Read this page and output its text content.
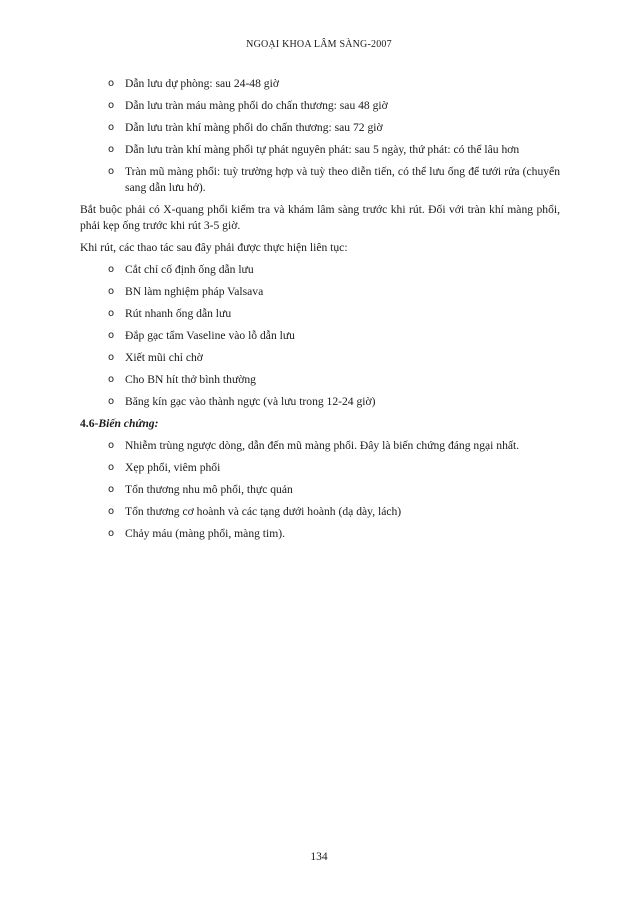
NGOẠI KHOA LÂM SÀNG-2007
o Dẫn lưu dự phòng: sau 24-48 giờ
o Dẫn lưu tràn máu màng phổi do chấn thương: sau 48 giờ
o Dẫn lưu tràn khí màng phổi do chấn thương: sau 72 giờ
o Dẫn lưu tràn khí màng phổi tự phát nguyên phát: sau 5 ngày, thứ phát: có thể lâu hơn
o Tràn mũ màng phổi: tuỳ trường hợp và tuỳ theo diễn tiến, có thể lưu ống để tưới rửa (chuyển sang dẫn lưu hở).

Bắt buộc phải có X-quang phổi kiểm tra và khám lâm sàng trước khi rút. Đối với tràn khí màng phổi, phải kẹp ống trước khi rút 3-5 giờ.

Khi rút, các thao tác sau đây phải được thực hiện liên tục:

o Cắt chỉ cố định ống dẫn lưu
o BN làm nghiệm pháp Valsava
o Rút nhanh ống dẫn lưu
o Đắp gạc tẩm Vaseline vào lỗ dẫn lưu
o Xiết mũi chỉ chờ
o Cho BN hít thở bình thường
o Băng kín gạc vào thành ngực (và lưu trong 12-24 giờ)

4.6-Biến chứng:

o Nhiễm trùng ngược dòng, dẫn đến mũ màng phổi. Đây là biến chứng đáng ngại nhất.
o Xẹp phổi, viêm phổi
o Tổn thương nhu mô phổi, thực quản
o Tổn thương cơ hoành và các tạng dưới hoành (dạ dày, lách)
o Chảy máu (màng phổi, màng tim).
134
